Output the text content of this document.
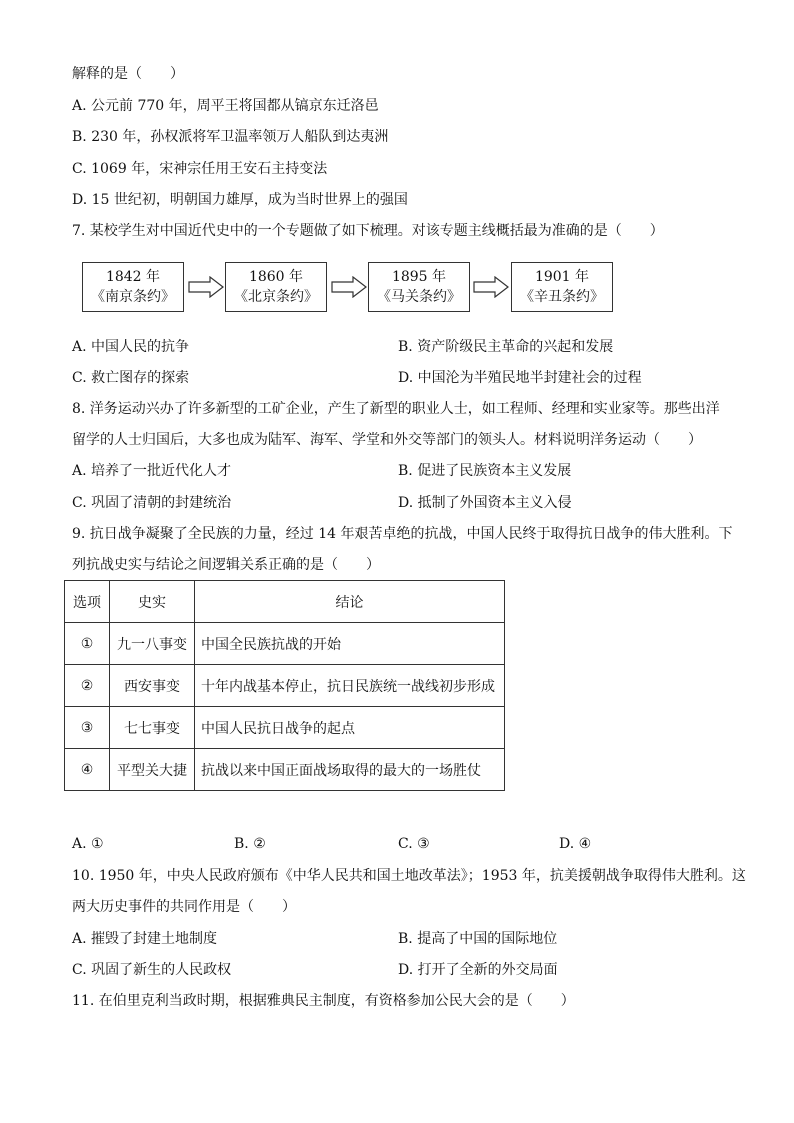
解释的是（　　）
A. 公元前 770 年，周平王将国都从镐京东迁洛邑
B. 230 年，孙权派将军卫温率领万人船队到达夷洲
C. 1069 年，宋神宗任用王安石主持变法
D. 15 世纪初，明朝国力雄厚，成为当时世界上的强国
7. 某校学生对中国近代史中的一个专题做了如下梳理。对该专题主线概括最为准确的是（　　）
1842 年
《南京条约》
1860 年
《北京条约》
1895 年
《马关条约》
1901 年
《辛丑条约》
A. 中国人民的抗争	B. 资产阶级民主革命的兴起和发展
C. 救亡图存的探索	D. 中国沦为半殖民地半封建社会的过程
8. 洋务运动兴办了许多新型的工矿企业，产生了新型的职业人士，如工程师、经理和实业家等。那些出洋
留学的人士归国后，大多也成为陆军、海军、学堂和外交等部门的领头人。材料说明洋务运动（　　）
A. 培养了一批近代化人才	B. 促进了民族资本主义发展
C. 巩固了清朝的封建统治	D. 抵制了外国资本主义入侵
9. 抗日战争凝聚了全民族的力量，经过 14 年艰苦卓绝的抗战，中国人民终于取得抗日战争的伟大胜利。下
列抗战史实与结论之间逻辑关系正确的是（　　）
选项	史实	结论
①	九一八事变	中国全民族抗战的开始
②	西安事变	十年内战基本停止，抗日民族统一战线初步形成
③	七七事变	中国人民抗日战争的起点
④	平型关大捷	抗战以来中国正面战场取得的最大的一场胜仗
A. ①	B. ②	C. ③	D. ④
10. 1950 年，中央人民政府颁布《中华人民共和国土地改革法》；1953 年，抗美援朝战争取得伟大胜利。这
两大历史事件的共同作用是（　　）
A. 摧毁了封建土地制度	B. 提高了中国的国际地位
C. 巩固了新生的人民政权	D. 打开了全新的外交局面
11. 在伯里克利当政时期，根据雅典民主制度，有资格参加公民大会的是（　　）
